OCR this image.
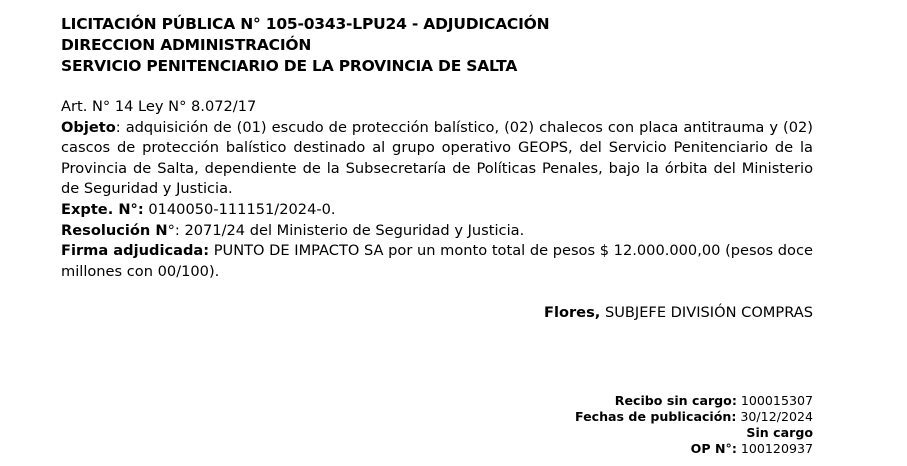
LICITACIÓN PÚBLICA N° 105-0343-LPU24 - ADJUDICACIÓN
DIRECCION ADMINISTRACIÓN
SERVICIO PENITENCIARIO DE LA PROVINCIA DE SALTA
Art. N° 14 Ley N° 8.072/17
Objeto: adquisición de (01) escudo de protección balístico, (02) chalecos con placa antitrauma y (02) cascos de protección balístico destinado al grupo operativo GEOPS, del Servicio Penitenciario de la Provincia de Salta, dependiente de la Subsecretaría de Políticas Penales, bajo la órbita del Ministerio de Seguridad y Justicia.
Expte. N°: 0140050-111151/2024-0.
Resolución N°: 2071/24 del Ministerio de Seguridad y Justicia.
Firma adjudicada: PUNTO DE IMPACTO SA por un monto total de pesos $ 12.000.000,00 (pesos doce millones con 00/100).
Flores, SUBJEFE DIVISIÓN COMPRAS
Recibo sin cargo: 100015307
Fechas de publicación: 30/12/2024
Sin cargo
OP N°: 100120937
